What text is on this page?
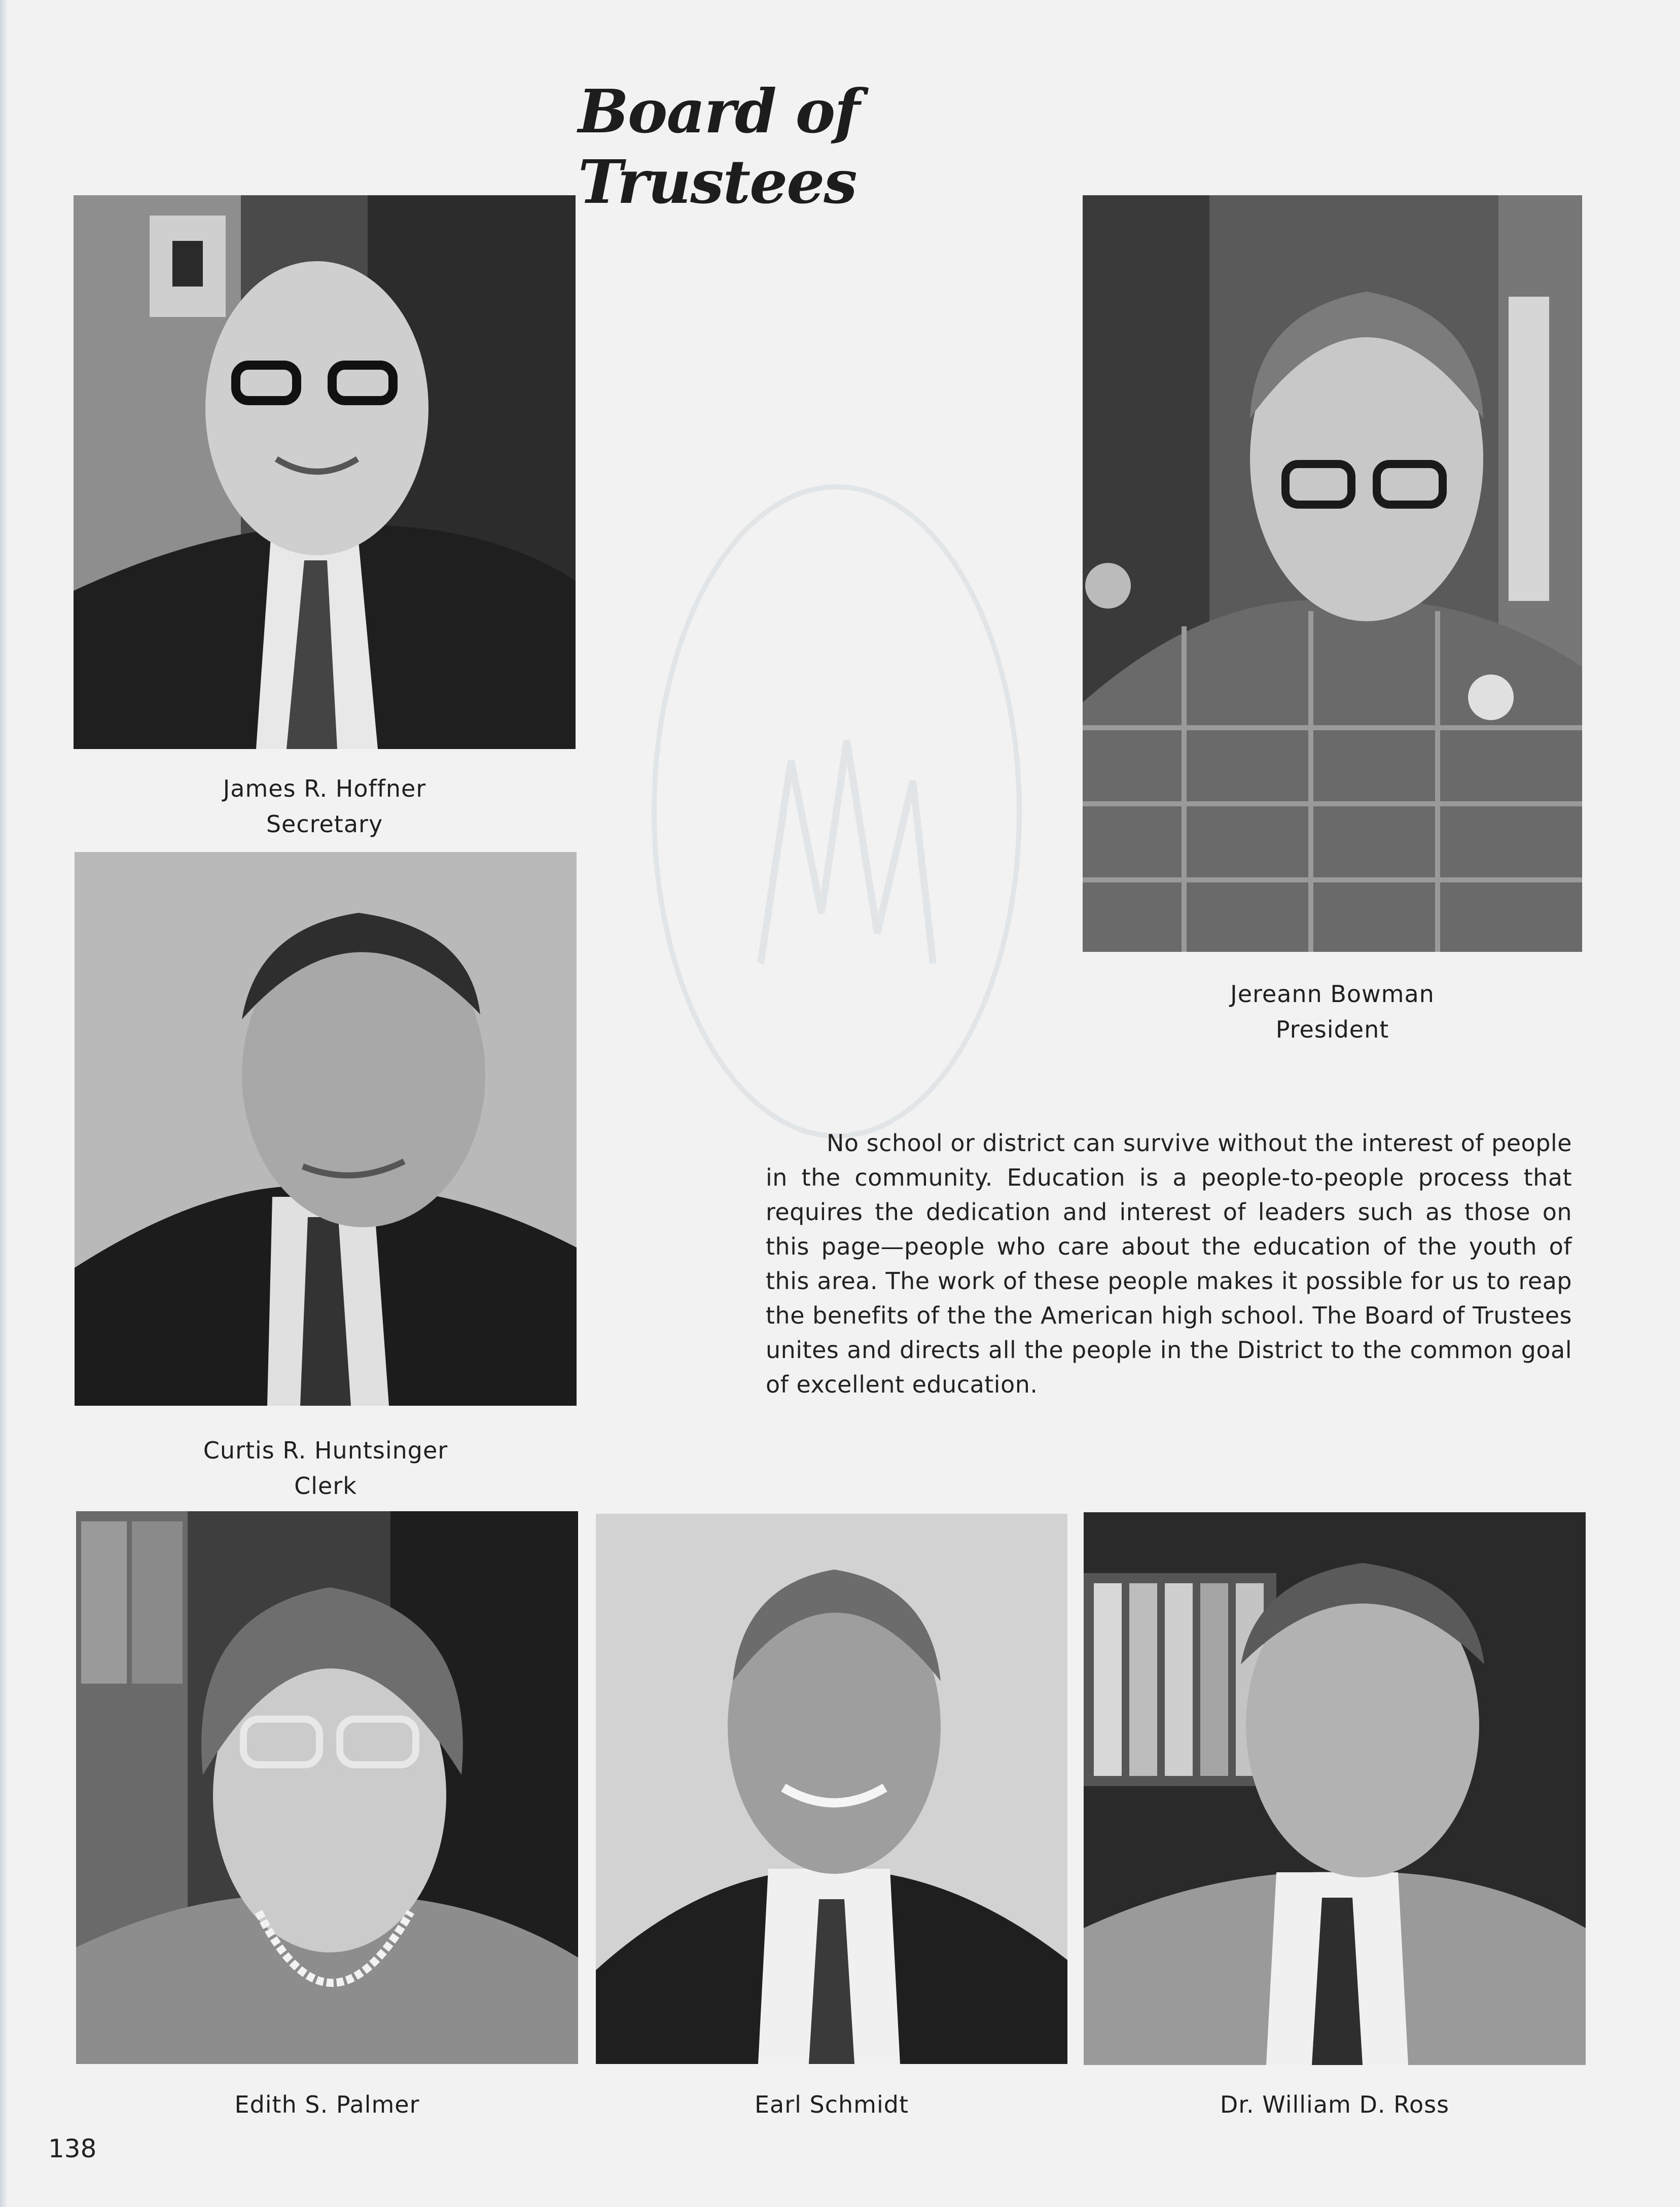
Board of Trustees
James R. Hoffner
Secretary
Jereann Bowman
President
Curtis R. Huntsinger
Clerk
No school or district can survive without the interest of people in the community. Education is a people-to-people process that requires the dedication and interest of leaders such as those on this page—people who care about the education of the youth of this area. The work of these people makes it possible for us to reap the benefits of the the American high school. The Board of Trustees unites and directs all the people in the District to the common goal of excellent education.
Edith S. Palmer	Earl Schmidt	Dr. William D. Ross
138
